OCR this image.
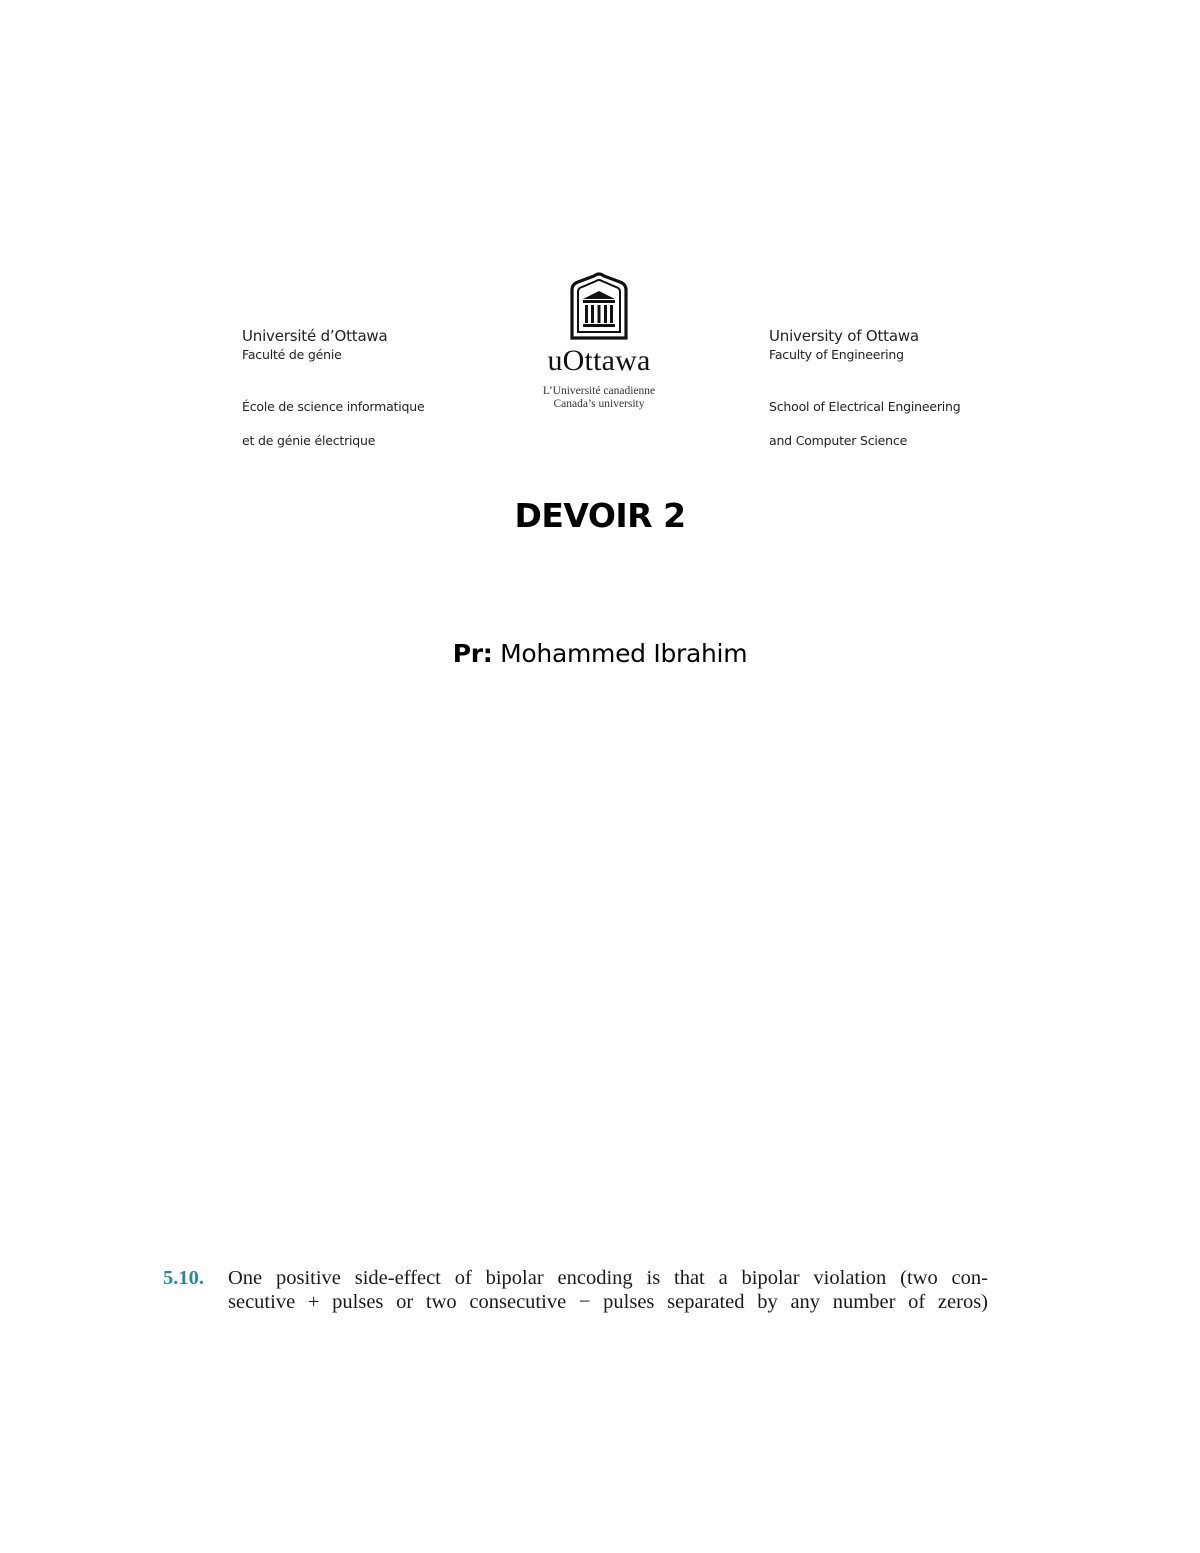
Université d’Ottawa
Faculté de génie

École de science informatique

et de génie électrique

uOttawa
L’Université canadienne
Canada’s university
University of Ottawa
Faculty of Engineering

School of Electrical Engineering

and Computer Science

DEVOIR 2
Pr: Mohammed Ibrahim
5.10. One positive side-effect of bipolar encoding is that a bipolar violation (two con-
secutive + pulses or two consecutive − pulses separated by any number of zeros)
